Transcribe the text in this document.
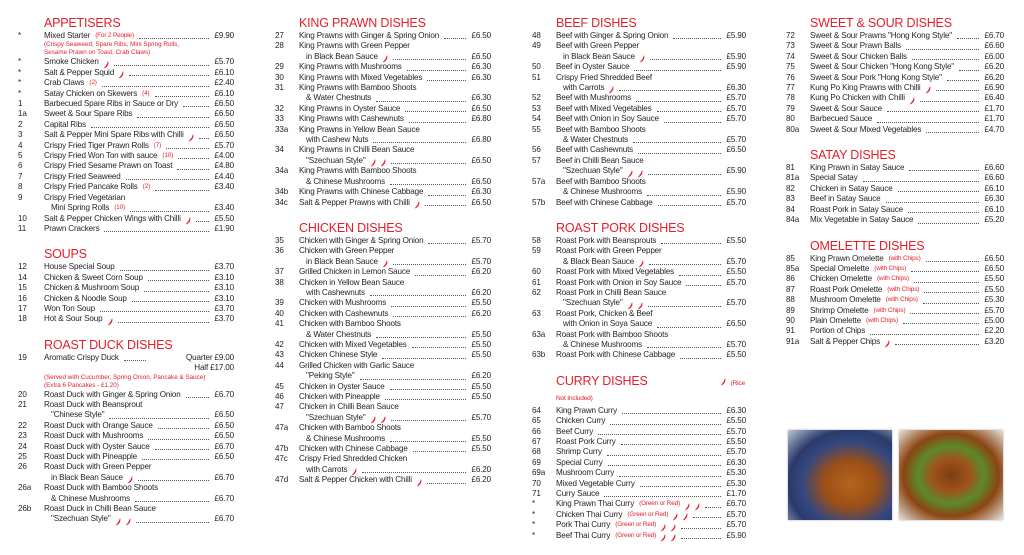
APPETISERS
*	Mixed Starter (For 2 People)	£9.90
(Crispy Seaweed, Spare Ribs, Mini Spring Rolls,
Sesame Prawn on Toast, Crab Claws)
*	Smoke Chicken	£5.70
*	Salt & Pepper Squid	£6.10
*	Crab Claws (2)	£2.40
*	Satay Chicken on Skewers (4)	£6.10
1	Barbecued Spare Ribs in Sauce or Dry	£6.50
1a	Sweet & Sour Spare Ribs	£6.50
2	Capital Ribs	£6.50
3	Salt & Pepper Mini Spare Ribs with Chilli	£6.50
4	Crispy Fried Tiger Prawn Rolls (7)	£5.70
5	Crispy Fried Won Ton with sauce (10)	£4.00
6	Crispy Fried Sesame Prawn on Toast	£4.80
7	Crispy Fried Seaweed	£4.40
8	Crispy Fried Pancake Rolls (2)	£3.40
9	Crispy Fried Vegetarian
Mini Spring Rolls (10)	£3.40
10	Salt & Pepper Chicken Wings with Chilli	£5.50
11	Prawn Crackers	£1.90
SOUPS
12	House Special Soup	£3.70
14	Chicken & Sweet Corn Soup	£3.10
15	Chicken & Mushroom Soup	£3.10
16	Chicken & Noodle Soup	£3.10
17	Won Ton Soup	£3.70
18	Hot & Sour Soup	£3.70
ROAST DUCK DISHES
19	Aromatic Crispy Duck	Quarter £9.00
Half £17.00
(Served with Cucumber, Spring Onion, Pancake & Sauce)
(Extra 6 Pancakes - £1.20)
20	Roast Duck with Ginger & Spring Onion	£6.70
21	Roast Duck with Beansprout
"Chinese Style"	£6.50
22	Roast Duck with Orange Sauce	£6.50
23	Roast Duck with Mushrooms	£6.50
24	Roast Duck with Oyster Sauce	£6.70
25	Roast Duck with Pineapple	£6.50
26	Roast Duck with Green Pepper
in Black Bean Sauce	£6.70
26a	Roast Duck with Bamboo Shoots
& Chinese Mushrooms	£6.70
26b	Roast Duck in Chilli Bean Sauce
"Szechuan Style"	£6.70
KING PRAWN DISHES
27	King Prawns with Ginger & Spring Onion	£6.50
28	King Prawns with Green Pepper
in Black Bean Sauce	£6.50
29	King Prawns with Mushrooms	£6.30
30	King Prawns with Mixed Vegetables	£6.30
31	King Prawns with Bamboo Shoots
& Water Chestnuts	£6.30
32	King Prawns in Oyster Sauce	£6.50
33	King Prawns with Cashewnuts	£6.80
33a	King Prawns in Yellow Bean Sauce
with Cashew Nuts	£6.80
34	King Prawns in Chilli Bean Sauce
"Szechuan Style"	£6.50
34a	King Prawns with Bamboo Shoots
& Chinese Mushrooms	£6.50
34b	King Prawns with Chinese Cabbage	£6.30
34c	Salt & Pepper Prawns with Chilli	£6.50
CHICKEN DISHES
35	Chicken with Ginger & Spring Onion	£5.70
36	Chicken with Green Pepper
in Black Bean Sauce	£5.70
37	Grilled Chicken in Lemon Sauce	£6.20
38	Chicken in Yellow Bean Sauce
with Cashewnuts	£6.20
39	Chicken with Mushrooms	£5.50
40	Chicken with Cashewnuts	£6.20
41	Chicken with Bamboo Shoots
& Water Chestnuts	£5.50
42	Chicken with Mixed Vegetables	£5.50
43	Chicken Chinese Style	£5.50
44	Grilled Chicken with Garlic Sauce
"Peking Style"	£6.20
45	Chicken in Oyster Sauce	£5.50
46	Chicken with Pineapple	£5.50
47	Chicken in Chilli Bean Sauce
"Szechuan Style"	£5.70
47a	Chicken with Bamboo Shoots
& Chinese Mushrooms	£5.50
47b	Chicken with Chinese Cabbage	£5.50
47c	Crispy Fried Shredded Chicken
with Carrots	£6.20
47d	Salt & Pepper Chicken with Chilli	£6.20
BEEF DISHES
48	Beef with Ginger & Spring Onion	£5.90
49	Beef with Green Pepper
in Black Bean Sauce	£5.90
50	Beef in Oyster Sauce	£5.90
51	Crispy Fried Shredded Beef
with Carrots	£6.30
52	Beef with Mushrooms	£5.70
53	Beef with Mixed Vegetables	£5.70
54	Beef with Onion in Soy Sauce	£5.70
55	Beef with Bamboo Shoots
& Water Chestnuts	£5.70
56	Beef with Cashewnuts	£6.50
57	Beef in Chilli Bean Sauce
"Szechuan Style"	£5.90
57a	Beef with Bamboo Shoots
& Chinese Mushrooms	£5.90
57b	Beef with Chinese Cabbage	£5.70
ROAST PORK DISHES
58	Roast Pork with Beansprouts	£5.50
59	Roast Pork with Green Pepper
& Black Bean Sauce	£5.70
60	Roast Pork with Mixed Vegetables	£5.50
61	Roast Pork with Onion in Soy Sauce	£5.70
62	Roast Pork in Chilli Bean Sauce
"Szechuan Style"	£5.70
63	Roast Pork, Chicken & Beef
with Onion in Soya Sauce	£6.50
63a	Roast Pork with Bamboo Shoots
& Chinese Mushrooms	£5.70
63b	Roast Pork with Chinese Cabbage	£5.50
CURRY DISHES	(Rice Not Included)
64	King Prawn Curry	£6.30
65	Chicken Curry	£5.50
66	Beef Curry	£5.70
67	Roast Pork Curry	£5.50
68	Shrimp Curry	£5.70
69	Special Curry	£6.30
69a	Mushroom Curry	£5.30
70	Mixed Vegetable Curry	£5.30
71	Curry Sauce	£1.70
*	King Prawn Thai Curry (Green or Red)	£6.70
*	Chicken Thai Curry (Green or Red)	£5.70
*	Pork Thai Curry (Green or Red)	£5.70
*	Beef Thai Curry (Green or Red)	£5.90
SWEET & SOUR DISHES
72	Sweet & Sour Prawns "Hong Kong Style"	£6.70
73	Sweet & Sour Prawn Balls	£6.60
74	Sweet & Sour Chicken Balls	£6.00
75	Sweet & Sour Chicken "Hong Kong Style"	£6.20
76	Sweet & Sour Pork "Hong Kong Style"	£6.20
77	Kung Po King Prawns with Chilli	£6.90
78	Kung Po Chicken with Chilli	£6.40
79	Sweet & Sour Sauce	£1.70
80	Barbecued Sauce	£1.70
80a	Sweet & Sour Mixed Vegetables	£4.70
SATAY DISHES
81	King Prawn in Satay Sauce	£6.60
81a	Special Satay	£6.60
82	Chicken in Satay Sauce	£6.10
83	Beef in Satay Sauce	£6.30
84	Roast Pork in Satay Sauce	£6.10
84a	Mix Vegetable in Satay Sauce	£5.20
OMELETTE DISHES
85	King Prawn Omelette (with Chips)	£6.50
85a	Special Omelette (with Chips)	£6.50
86	Chicken Omelette (with Chips)	£5.50
87	Roast Pork Omelette (with Chips)	£5.50
88	Mushroom Omelette (with Chips)	£5.30
89	Shrimp Omelette (with Chips)	£5.70
90	Plain Omelette (with Chips)	£5.00
91	Portion of Chips	£2.20
91a	Salt & Pepper Chips	£3.20
